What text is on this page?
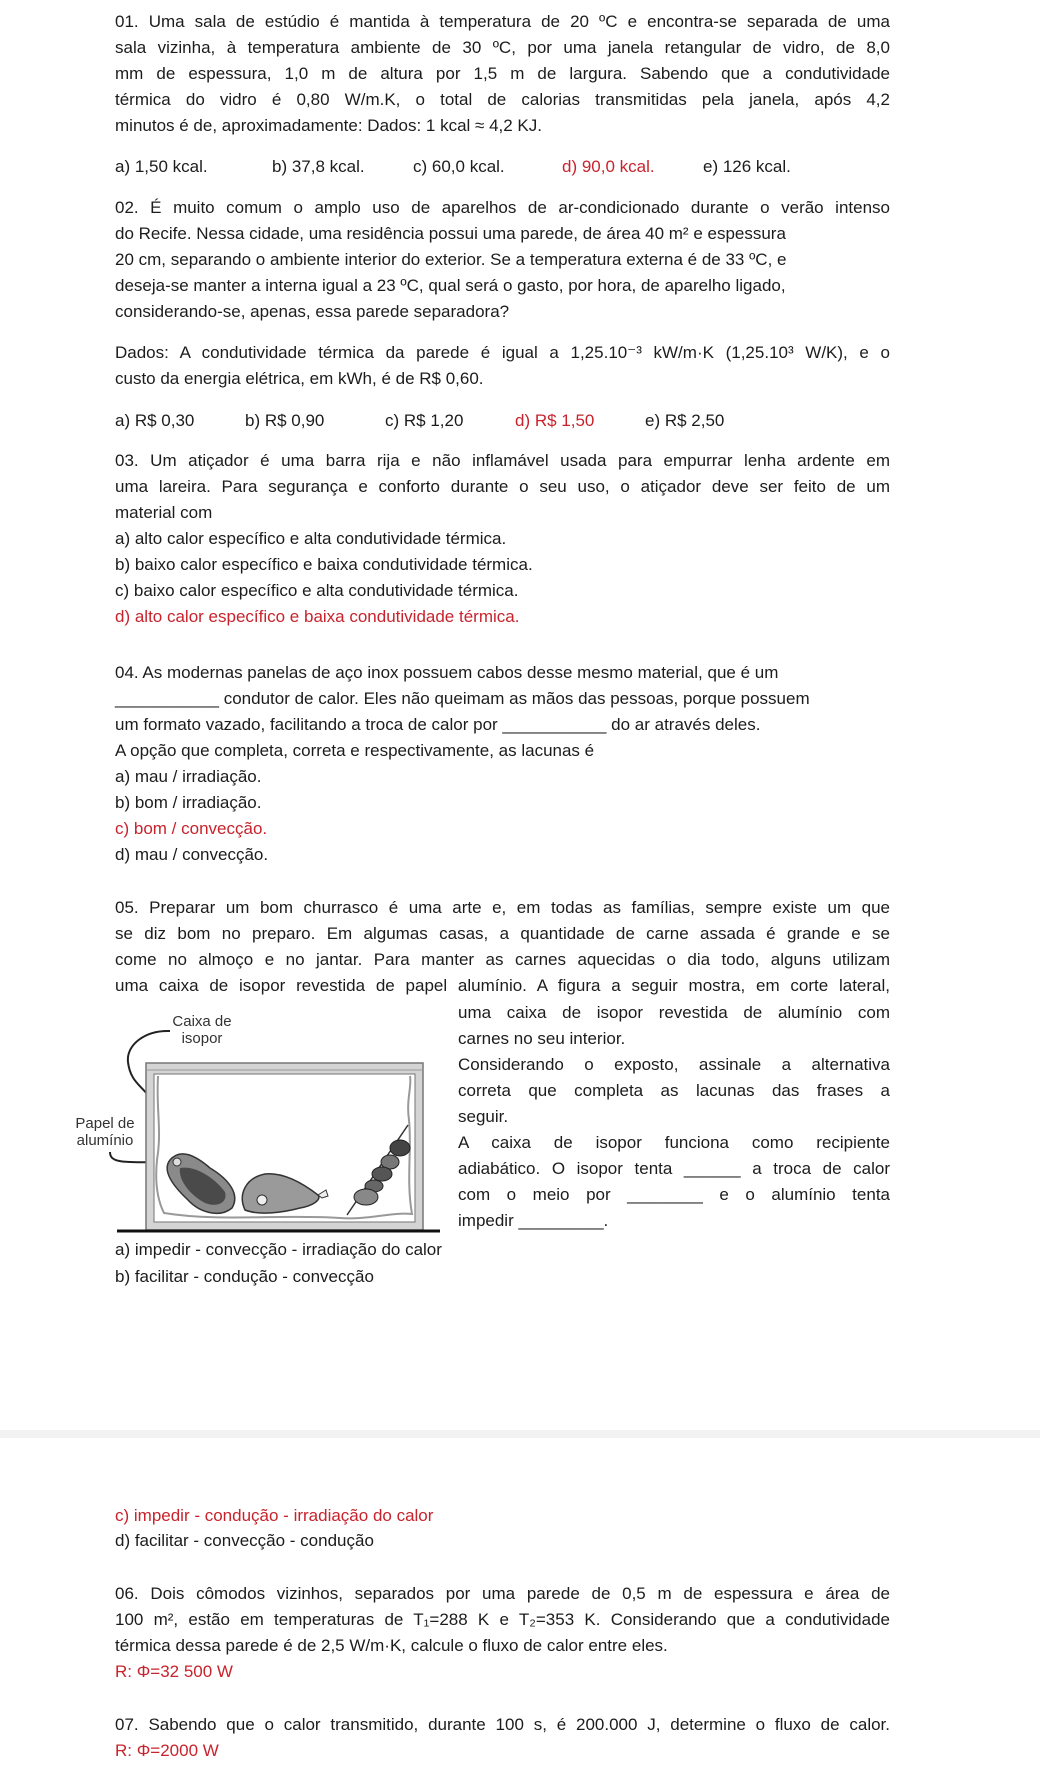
01. Uma sala de estúdio é mantida à temperatura de 20 ºC e encontra-se separada de uma
sala vizinha, à temperatura ambiente de 30 ºC, por uma janela retangular de vidro, de 8,0
mm de espessura, 1,0 m de altura por 1,5 m de largura. Sabendo que a condutividade
térmica do vidro é 0,80 W/m.K, o total de calorias transmitidas pela janela, após 4,2
minutos é de, aproximadamente: Dados: 1 kcal ≈ 4,2 KJ.
a) 1,50 kcal.	b) 37,8 kcal.	c) 60,0 kcal.	d) 90,0 kcal.	e) 126 kcal.
02. É muito comum o amplo uso de aparelhos de ar-condicionado durante o verão intenso
do Recife. Nessa cidade, uma residência possui uma parede, de área 40 m² e espessura
20 cm, separando o ambiente interior do exterior. Se a temperatura externa é de 33 ºC, e
deseja-se manter a interna igual a 23 ºC, qual será o gasto, por hora, de aparelho ligado,
considerando-se, apenas, essa parede separadora?
Dados: A condutividade térmica da parede é igual a 1,25.10⁻³ kW/m·K (1,25.10³ W/K), e o
custo da energia elétrica, em kWh, é de R$ 0,60.
a) R$ 0,30	b) R$ 0,90	c) R$ 1,20	d) R$ 1,50	e) R$ 2,50
03. Um atiçador é uma barra rija e não inflamável usada para empurrar lenha ardente em
uma lareira. Para segurança e conforto durante o seu uso, o atiçador deve ser feito de um
material com
a) alto calor específico e alta condutividade térmica.
b) baixo calor específico e baixa condutividade térmica.
c) baixo calor específico e alta condutividade térmica.
d) alto calor específico e baixa condutividade térmica.
04. As modernas panelas de aço inox possuem cabos desse mesmo material, que é um
___________ condutor de calor. Eles não queimam as mãos das pessoas, porque possuem
um formato vazado, facilitando a troca de calor por ___________ do ar através deles.
A opção que completa, correta e respectivamente, as lacunas é
a) mau / irradiação.
b) bom / irradiação.
c) bom / convecção.
d) mau / convecção.
05. Preparar um bom churrasco é uma arte e, em todas as famílias, sempre existe um que
se diz bom no preparo. Em algumas casas, a quantidade de carne assada é grande e se
come no almoço e no jantar. Para manter as carnes aquecidas o dia todo, alguns utilizam
uma caixa de isopor revestida de papel alumínio. A figura a seguir mostra, em corte lateral,
uma caixa de isopor revestida de alumínio com
carnes no seu interior.
Considerando o exposto, assinale a alternativa
correta que completa as lacunas das frases a
seguir.
A caixa de isopor funciona como recipiente
adiabático. O isopor tenta ______ a troca de calor
com o meio por ________ e o alumínio tenta
impedir _________.
Caixa de
isopor
Papel de
alumínio
a) impedir - convecção - irradiação do calor
b) facilitar - condução - convecção
c) impedir - condução - irradiação do calor
d) facilitar - convecção - condução
06. Dois cômodos vizinhos, separados por uma parede de 0,5 m de espessura e área de
100 m², estão em temperaturas de T₁=288 K e T₂=353 K. Considerando que a condutividade
térmica dessa parede é de 2,5 W/m·K, calcule o fluxo de calor entre eles.
R: Φ=32 500 W
07. Sabendo que o calor transmitido, durante 100 s, é 200.000 J, determine o fluxo de calor.
R: Φ=2000 W
